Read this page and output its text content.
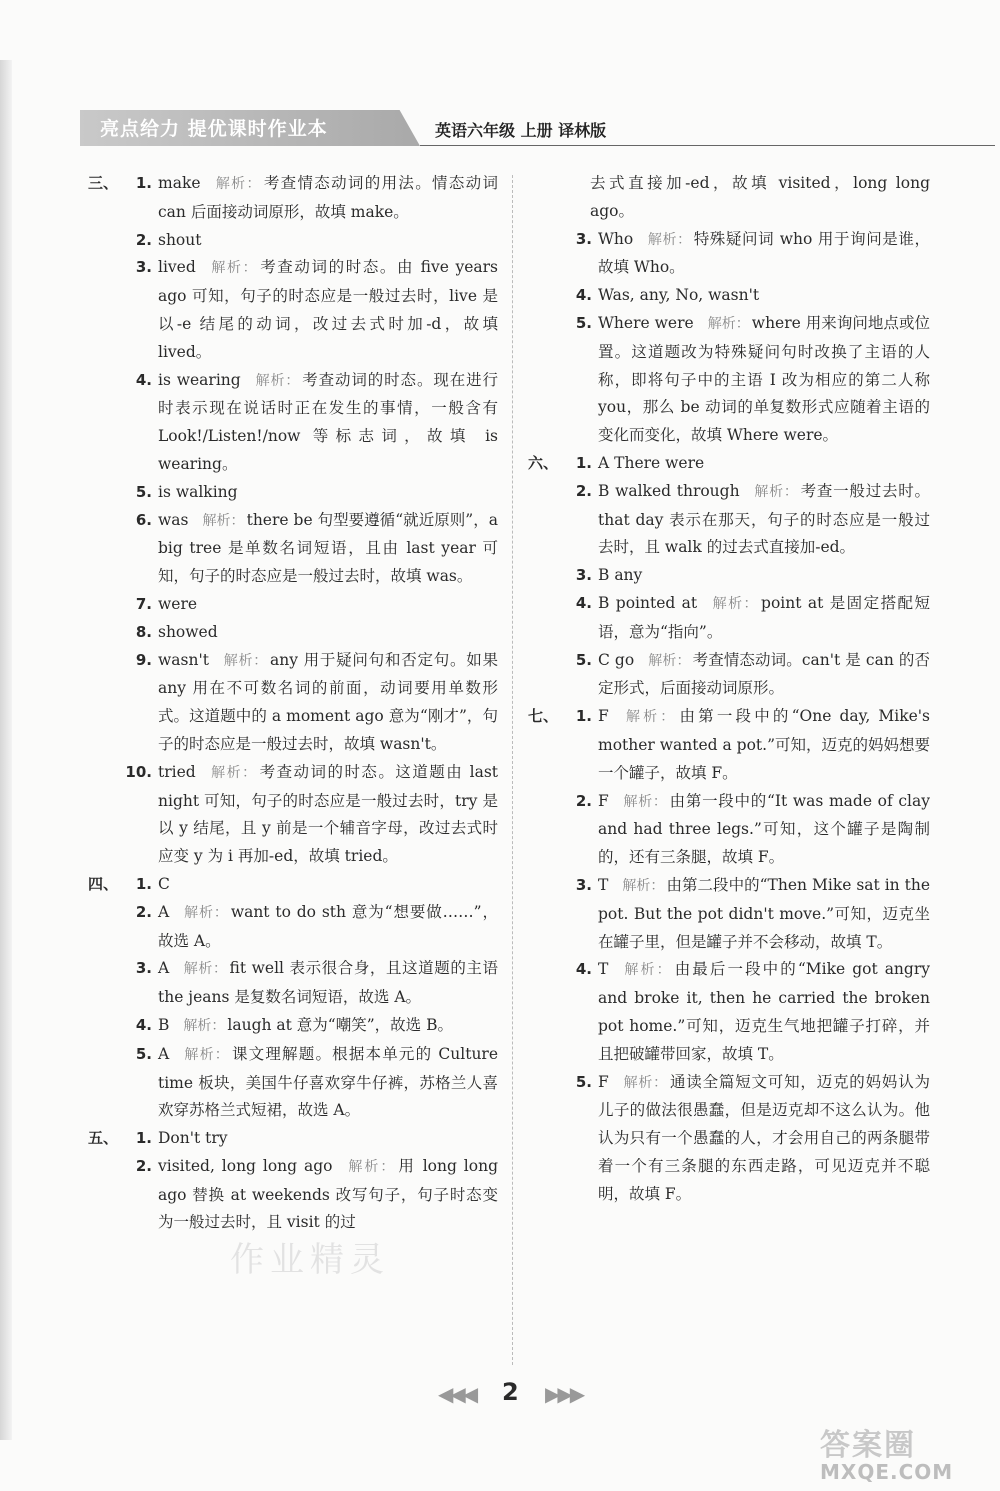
亮点给力 提优课时作业本	英语六年级 上册 译林版
三、	1. make 解析： 考查情态动词的用法。情态动词 can 后面接动词原形，故填 make。
2. shout
3. lived 解析： 考查动词的时态。由 five years ago 可知，句子的时态应是一般过去时，live 是以-e 结尾的动词，改过去式时加-d，故填 lived。
4. is wearing 解析： 考查动词的时态。现在进行时表示现在说话时正在发生的事情，一般含有 Look!/Listen!/now 等标志词，故填 is wearing。
5. is walking
6. was 解析： there be 句型要遵循“就近原则”，a big tree 是单数名词短语，且由 last year 可知，句子的时态应是一般过去时，故填 was。
7. were
8. showed
9. wasn't 解析： any 用于疑问句和否定句。如果 any 用在不可数名词的前面，动词要用单数形式。这道题中的 a moment ago 意为“刚才”，句子的时态应是一般过去时，故填 wasn't。
10. tried 解析： 考查动词的时态。这道题由 last night 可知，句子的时态应是一般过去时，try 是以 y 结尾，且 y 前是一个辅音字母，改过去式时应变 y 为 i 再加-ed，故填 tried。
四、	1. C
2. A 解析： want to do sth 意为“想要做……”，故选 A。
3. A 解析： fit well 表示很合身，且这道题的主语 the jeans 是复数名词短语，故选 A。
4. B 解析： laugh at 意为“嘲笑”，故选 B。
5. A 解析： 课文理解题。根据本单元的 Culture time 板块，美国牛仔喜欢穿牛仔裤，苏格兰人喜欢穿苏格兰式短裙，故选 A。
五、	1. Don't try
2. visited, long long ago 解析： 用 long long ago 替换 at weekends 改写句子，句子时态变为一般过去时，且 visit 的过
去式直接加-ed，故填 visited，long long ago。
3. Who 解析： 特殊疑问词 who 用于询问是谁，故填 Who。
4. Was, any, No, wasn't
5. Where were 解析： where 用来询问地点或位置。这道题改为特殊疑问句时改换了主语的人称，即将句子中的主语 I 改为相应的第二人称 you，那么 be 动词的单复数形式应随着主语的变化而变化，故填 Where were。
六、	1. A There were
2. B walked through 解析： 考查一般过去时。that day 表示在那天，句子的时态应是一般过去时，且 walk 的过去式直接加-ed。
3. B any
4. B pointed at 解析： point at 是固定搭配短语，意为“指向”。
5. C go 解析： 考查情态动词。can't 是 can 的否定形式，后面接动词原形。
七、	1. F 解析： 由第一段中的“One day, Mike's mother wanted a pot.”可知，迈克的妈妈想要一个罐子，故填 F。
2. F 解析： 由第一段中的“It was made of clay and had three legs.”可知，这个罐子是陶制的，还有三条腿，故填 F。
3. T 解析： 由第二段中的“Then Mike sat in the pot. But the pot didn't move.”可知，迈克坐在罐子里，但是罐子并不会移动，故填 T。
4. T 解析： 由最后一段中的“Mike got angry and broke it, then he carried the broken pot home.”可知，迈克生气地把罐子打碎，并且把破罐带回家，故填 T。
5. F 解析： 通读全篇短文可知，迈克的妈妈认为儿子的做法很愚蠢，但是迈克却不这么认为。他认为只有一个愚蠢的人，才会用自己的两条腿带着一个有三条腿的东西走路，可见迈克并不聪明，故填 F。
作业精灵
◀◀◀ 2 ▶▶▶
答案圈
MXQE.COM
